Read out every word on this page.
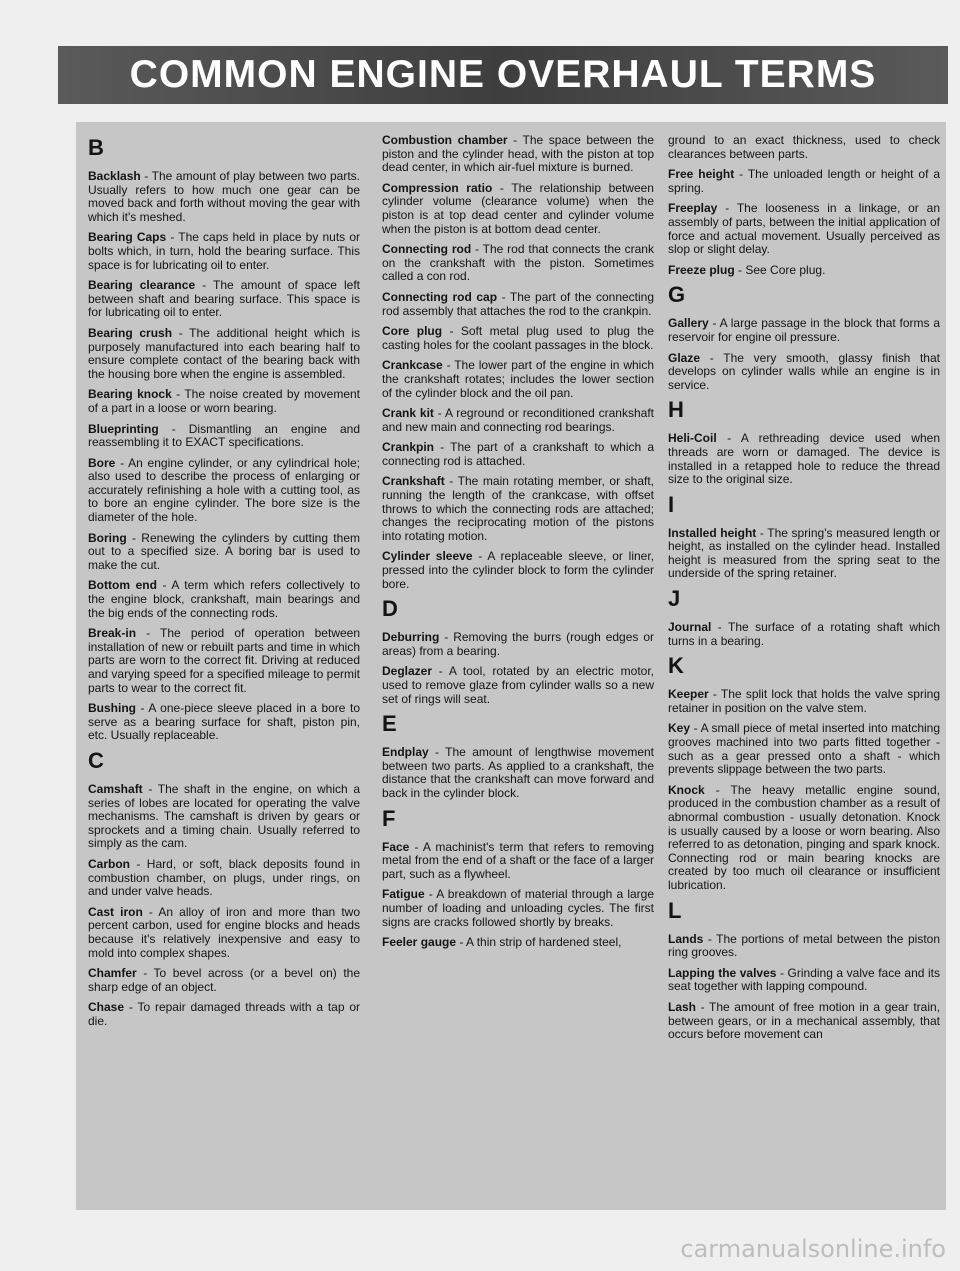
COMMON ENGINE OVERHAUL TERMS
B

Backlash - The amount of play between two parts. Usually refers to how much one gear can be moved back and forth without moving the gear with which it's meshed.

Bearing Caps - The caps held in place by nuts or bolts which, in turn, hold the bearing surface. This space is for lubricating oil to enter.

Bearing clearance - The amount of space left between shaft and bearing surface. This space is for lubricating oil to enter.

Bearing crush - The additional height which is purposely manufactured into each bearing half to ensure complete contact of the bearing back with the housing bore when the engine is assembled.

Bearing knock - The noise created by movement of a part in a loose or worn bearing.

Blueprinting - Dismantling an engine and reassembling it to EXACT specifications.

Bore - An engine cylinder, or any cylindrical hole; also used to describe the process of enlarging or accurately refinishing a hole with a cutting tool, as to bore an engine cylinder. The bore size is the diameter of the hole.

Boring - Renewing the cylinders by cutting them out to a specified size. A boring bar is used to make the cut.

Bottom end - A term which refers collectively to the engine block, crankshaft, main bearings and the big ends of the connecting rods.

Break-in - The period of operation between installation of new or rebuilt parts and time in which parts are worn to the correct fit. Driving at reduced and varying speed for a specified mileage to permit parts to wear to the correct fit.

Bushing - A one-piece sleeve placed in a bore to serve as a bearing surface for shaft, piston pin, etc. Usually replaceable.

C

Camshaft - The shaft in the engine, on which a series of lobes are located for operating the valve mechanisms. The camshaft is driven by gears or sprockets and a timing chain. Usually referred to simply as the cam.

Carbon - Hard, or soft, black deposits found in combustion chamber, on plugs, under rings, on and under valve heads.

Cast iron - An alloy of iron and more than two percent carbon, used for engine blocks and heads because it's relatively inexpensive and easy to mold into complex shapes.

Chamfer - To bevel across (or a bevel on) the sharp edge of an object.

Chase - To repair damaged threads with a tap or die.

Combustion chamber - The space between the piston and the cylinder head, with the piston at top dead center, in which air-fuel mixture is burned.

Compression ratio - The relationship between cylinder volume (clearance volume) when the piston is at top dead center and cylinder volume when the piston is at bottom dead center.

Connecting rod - The rod that connects the crank on the crankshaft with the piston. Sometimes called a con rod.

Connecting rod cap - The part of the connecting rod assembly that attaches the rod to the crankpin.

Core plug - Soft metal plug used to plug the casting holes for the coolant passages in the block.

Crankcase - The lower part of the engine in which the crankshaft rotates; includes the lower section of the cylinder block and the oil pan.

Crank kit - A reground or reconditioned crankshaft and new main and connecting rod bearings.

Crankpin - The part of a crankshaft to which a connecting rod is attached.

Crankshaft - The main rotating member, or shaft, running the length of the crankcase, with offset throws to which the connecting rods are attached; changes the reciprocating motion of the pistons into rotating motion.

Cylinder sleeve - A replaceable sleeve, or liner, pressed into the cylinder block to form the cylinder bore.

D

Deburring - Removing the burrs (rough edges or areas) from a bearing.

Deglazer - A tool, rotated by an electric motor, used to remove glaze from cylinder walls so a new set of rings will seat.

E

Endplay - The amount of lengthwise movement between two parts. As applied to a crankshaft, the distance that the crankshaft can move forward and back in the cylinder block.

F

Face - A machinist's term that refers to removing metal from the end of a shaft or the face of a larger part, such as a flywheel.

Fatigue - A breakdown of material through a large number of loading and unloading cycles. The first signs are cracks followed shortly by breaks.

Feeler gauge - A thin strip of hardened steel,

ground to an exact thickness, used to check clearances between parts.

Free height - The unloaded length or height of a spring.

Freeplay - The looseness in a linkage, or an assembly of parts, between the initial application of force and actual movement. Usually perceived as slop or slight delay.

Freeze plug - See Core plug.

G

Gallery - A large passage in the block that forms a reservoir for engine oil pressure.

Glaze - The very smooth, glassy finish that develops on cylinder walls while an engine is in service.

H

Heli-Coil - A rethreading device used when threads are worn or damaged. The device is installed in a retapped hole to reduce the thread size to the original size.

I

Installed height - The spring's measured length or height, as installed on the cylinder head. Installed height is measured from the spring seat to the underside of the spring retainer.

J

Journal - The surface of a rotating shaft which turns in a bearing.

K

Keeper - The split lock that holds the valve spring retainer in position on the valve stem.

Key - A small piece of metal inserted into matching grooves machined into two parts fitted together - such as a gear pressed onto a shaft - which prevents slippage between the two parts.

Knock - The heavy metallic engine sound, produced in the combustion chamber as a result of abnormal combustion - usually detonation. Knock is usually caused by a loose or worn bearing. Also referred to as detonation, pinging and spark knock. Connecting rod or main bearing knocks are created by too much oil clearance or insufficient lubrication.

L

Lands - The portions of metal between the piston ring grooves.

Lapping the valves - Grinding a valve face and its seat together with lapping compound.

Lash - The amount of free motion in a gear train, between gears, or in a mechanical assembly, that occurs before movement can

carmanualsonline.info
